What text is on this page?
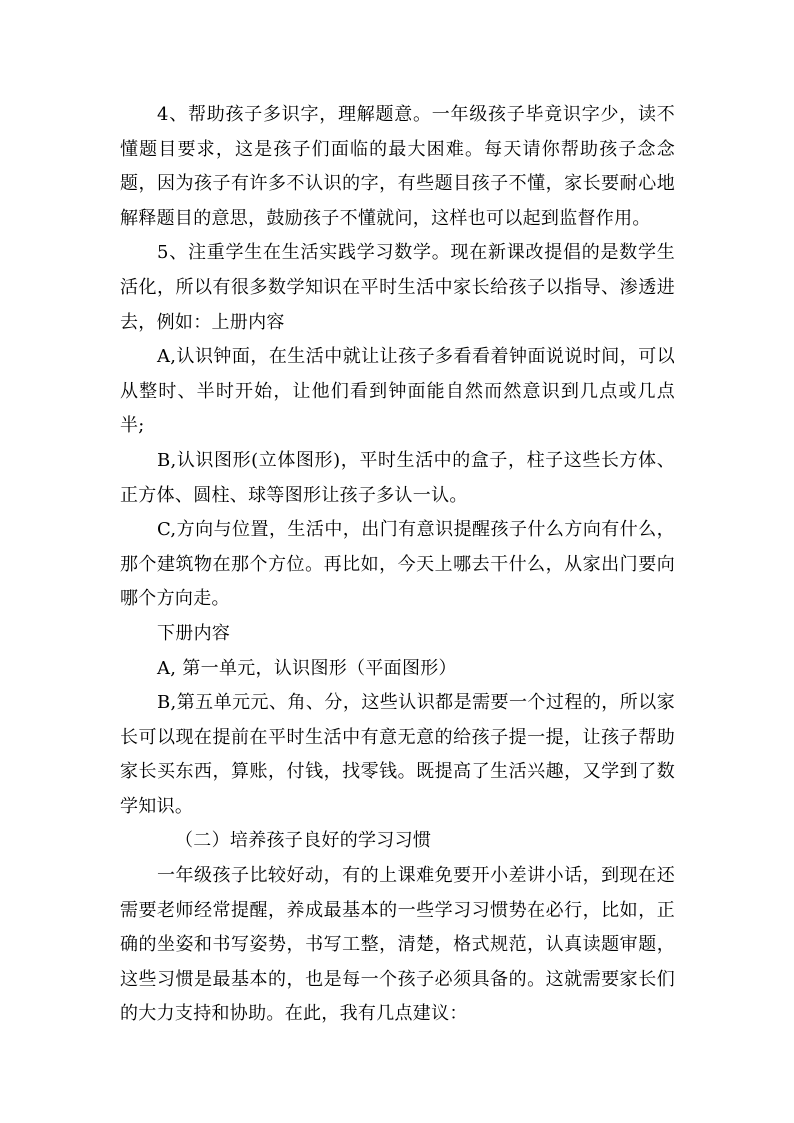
4、帮助孩子多识字，理解题意。一年级孩子毕竟识字少，读不懂题目要求，这是孩子们面临的最大困难。每天请你帮助孩子念念题，因为孩子有许多不认识的字，有些题目孩子不懂，家长要耐心地解释题目的意思，鼓励孩子不懂就问，这样也可以起到监督作用。

5、注重学生在生活实践学习数学。现在新课改提倡的是数学生活化，所以有很多数学知识在平时生活中家长给孩子以指导、渗透进去，例如：上册内容

A,认识钟面，在生活中就让让孩子多看看着钟面说说时间，可以从整时、半时开始，让他们看到钟面能自然而然意识到几点或几点半;

B,认识图形(立体图形)，平时生活中的盒子，柱子这些长方体、正方体、圆柱、球等图形让孩子多认一认。

C,方向与位置，生活中，出门有意识提醒孩子什么方向有什么，那个建筑物在那个方位。再比如，今天上哪去干什么，从家出门要向哪个方向走。

下册内容

A, 第一单元，认识图形（平面图形）

B,第五单元元、角、分，这些认识都是需要一个过程的，所以家长可以现在提前在平时生活中有意无意的给孩子提一提，让孩子帮助家长买东西，算账，付钱，找零钱。既提高了生活兴趣，又学到了数学知识。

（二）培养孩子良好的学习习惯

一年级孩子比较好动，有的上课难免要开小差讲小话，到现在还需要老师经常提醒，养成最基本的一些学习习惯势在必行，比如，正确的坐姿和书写姿势，书写工整，清楚，格式规范，认真读题审题，这些习惯是最基本的，也是每一个孩子必须具备的。这就需要家长们的大力支持和协助。在此，我有几点建议：
